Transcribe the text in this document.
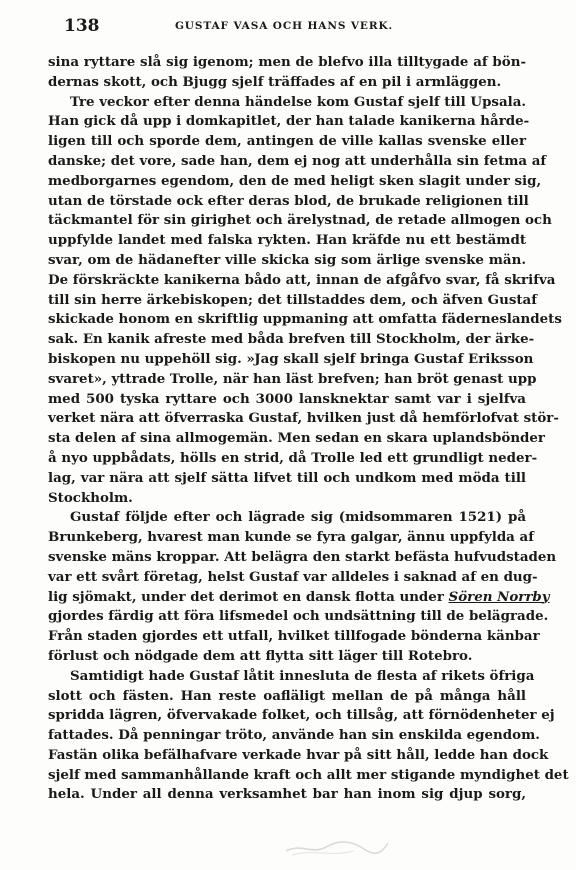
138	GUSTAF VASA OCH HANS VERK.
sina ryttare slå sig igenom; men de blefvo illa tilltygade af bön-
dernas skott, och Bjugg sjelf träffades af en pil i armläggen.
Tre veckor efter denna händelse kom Gustaf sjelf till Upsala.
Han gick då upp i domkapitlet, der han talade kanikerna hårde-
ligen till och sporde dem, antingen de ville kallas svenske eller
danske; det vore, sade han, dem ej nog att underhålla sin fetma af
medborgarnes egendom, den de med heligt sken slagit under sig,
utan de törstade ock efter deras blod, de brukade religionen till
täckmantel för sin girighet och ärelystnad, de retade allmogen och
uppfylde landet med falska rykten. Han kräfde nu ett bestämdt
svar, om de hädanefter ville skicka sig som ärlige svenske män.
De förskräckte kanikerna bådo att, innan de afgåfvo svar, få skrifva
till sin herre ärkebiskopen; det tillstaddes dem, och äfven Gustaf
skickade honom en skriftlig uppmaning att omfatta fäderneslandets
sak. En kanik afreste med båda brefven till Stockholm, der ärke-
biskopen nu uppehöll sig. »Jag skall sjelf bringa Gustaf Eriksson
svaret», yttrade Trolle, när han läst brefven; han bröt genast upp
med 500 tyska ryttare och 3000 lansknektar samt var i sjelfva
verket nära att öfverraska Gustaf, hvilken just då hemförlofvat stör-
sta delen af sina allmogemän. Men sedan en skara uplandsbönder
å nyo uppbådats, hölls en strid, då Trolle led ett grundligt neder-
lag, var nära att sjelf sätta lifvet till och undkom med möda till
Stockholm.
Gustaf följde efter och lägrade sig (midsommaren 1521) på
Brunkeberg, hvarest man kunde se fyra galgar, ännu uppfylda af
svenske mäns kroppar. Att belägra den starkt befästa hufvudstaden
var ett svårt företag, helst Gustaf var alldeles i saknad af en dug-
lig sjömakt, under det derimot en dansk flotta under Sören Norrby
gjordes färdig att föra lifsmedel och undsättning till de belägrade.
Från staden gjordes ett utfall, hvilket tillfogade bönderna känbar
förlust och nödgade dem att flytta sitt läger till Rotebro.
Samtidigt hade Gustaf låtit innesluta de flesta af rikets öfriga
slott och fästen. Han reste oafläligt mellan de på många håll
spridda lägren, öfvervakade folket, och tillsåg, att förnödenheter ej
fattades. Då penningar tröto, använde han sin enskilda egendom.
Fastän olika befälhafvare verkade hvar på sitt håll, ledde han dock
sjelf med sammanhållande kraft och allt mer stigande myndighet det
hela. Under all denna verksamhet bar han inom sig djup sorg,
